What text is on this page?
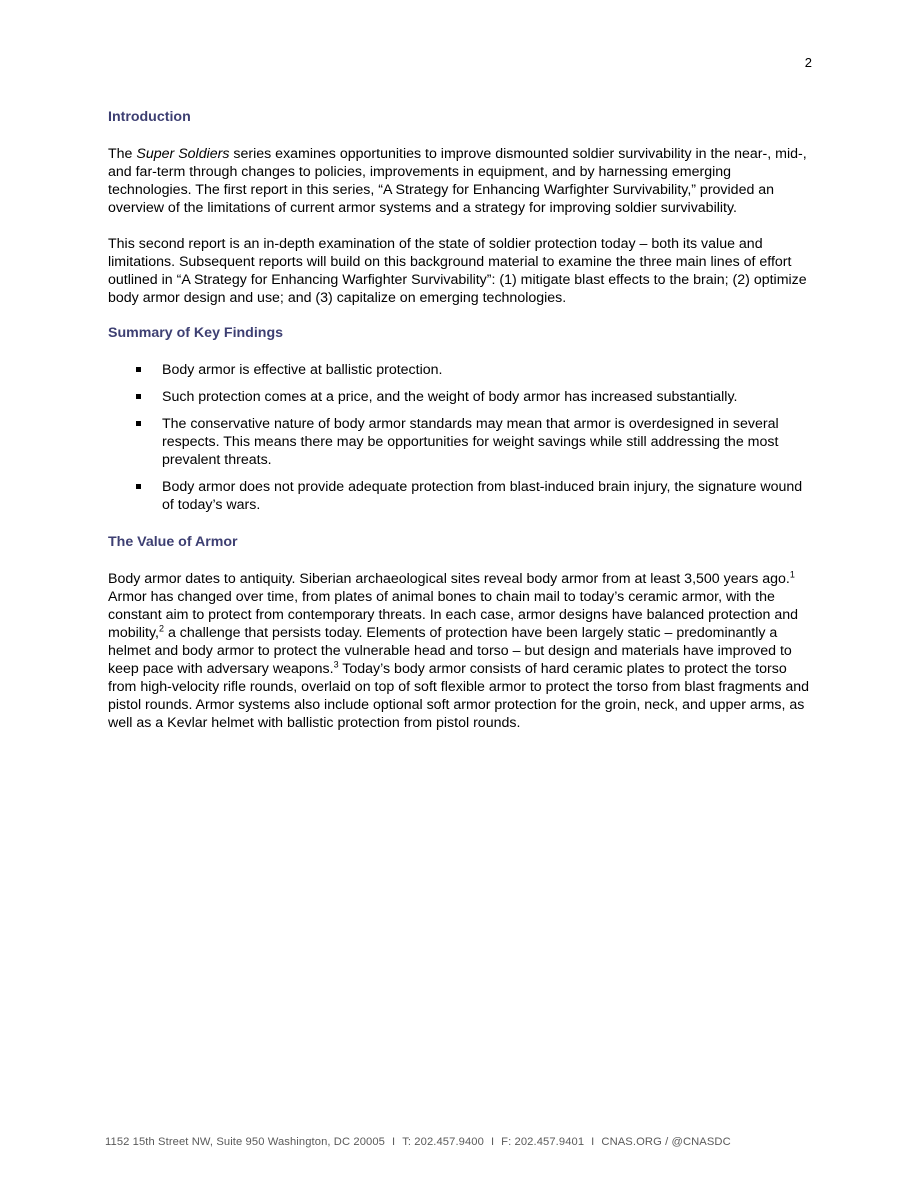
2
Introduction

The Super Soldiers series examines opportunities to improve dismounted soldier survivability in the near-, mid-, and far-term through changes to policies, improvements in equipment, and by harnessing emerging technologies. The first report in this series, “A Strategy for Enhancing Warfighter Survivability,” provided an overview of the limitations of current armor systems and a strategy for improving soldier survivability.

This second report is an in-depth examination of the state of soldier protection today – both its value and limitations. Subsequent reports will build on this background material to examine the three main lines of effort outlined in “A Strategy for Enhancing Warfighter Survivability”: (1) mitigate blast effects to the brain; (2) optimize body armor design and use; and (3) capitalize on emerging technologies.

Summary of Key Findings
Body armor is effective at ballistic protection.
Such protection comes at a price, and the weight of body armor has increased substantially.
The conservative nature of body armor standards may mean that armor is overdesigned in several respects. This means there may be opportunities for weight savings while still addressing the most prevalent threats.
Body armor does not provide adequate protection from blast-induced brain injury, the signature wound of today’s wars.
The Value of Armor

Body armor dates to antiquity. Siberian archaeological sites reveal body armor from at least 3,500 years ago.$^1$ Armor has changed over time, from plates of animal bones to chain mail to today’s ceramic armor, with the constant aim to protect from contemporary threats. In each case, armor designs have balanced protection and mobility,$^2$ a challenge that persists today. Elements of protection have been largely static – predominantly a helmet and body armor to protect the vulnerable head and torso – but design and materials have improved to keep pace with adversary weapons.$^3$ Today’s body armor consists of hard ceramic plates to protect the torso from high-velocity rifle rounds, overlaid on top of soft flexible armor to protect the torso from blast fragments and pistol rounds. Armor systems also include optional soft armor protection for the groin, neck, and upper arms, as well as a Kevlar helmet with ballistic protection from pistol rounds.

1152 15th Street NW, Suite 950 Washington, DC 20005 I T: 202.457.9400 I F: 202.457.9401 I CNAS.ORG / @CNASDC
